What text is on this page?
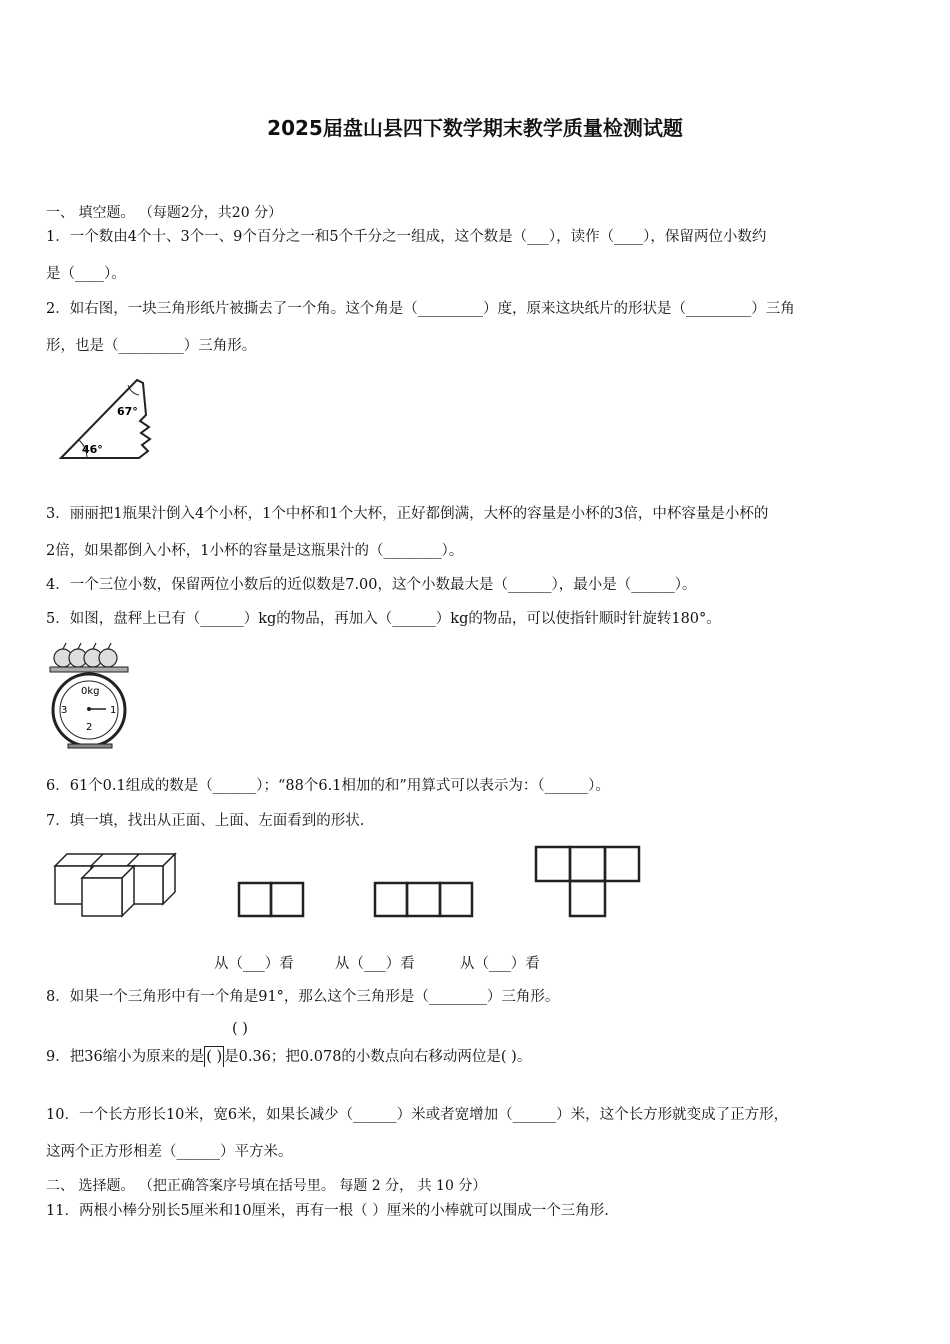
2025届盘山县四下数学期末教学质量检测试题
一、 填空题。 （每题2分，共20 分）
1．一个数由4个十、3个一、9个百分之一和5个千分之一组成，这个数是（___），读作（____），保留两位小数约
是（____）。
2．如右图，一块三角形纸片被撕去了一个角。这个角是（_________）度，原来这块纸片的形状是（_________）三角
形，也是（_________）三角形。
67°
46°
3．丽丽把1瓶果汁倒入4个小杯，1个中杯和1个大杯，正好都倒满，大杯的容量是小杯的3倍，中杯容量是小杯的
2倍，如果都倒入小杯，1小杯的容量是这瓶果汁的（________）。
4．一个三位小数，保留两位小数后的近似数是7.00，这个小数最大是（______），最小是（______）。
5．如图，盘秤上已有（______）kg的物品，再加入（______）kg的物品，可以使指针顺时针旋转180°。
0kg
3	1
2
6．61个0.1组成的数是（______）；“88个6.1相加的和”用算式可以表示为：（______）。
7．填一填，找出从正面、上面、左面看到的形状.
从（___）看	从（___）看	从（___）看
8．如果一个三角形中有一个角是91°，那么这个三角形是（________）三角形。
( )
9．把36缩小为原来的是 ( ) 是0.36；把0.078的小数点向右移动两位是( )。
10．一个长方形长10米，宽6米，如果长减少（______）米或者宽增加（______）米，这个长方形就变成了正方形，
这两个正方形相差（______）平方米。
二、 选择题。 （把正确答案序号填在括号里。 每题 2 分， 共 10 分）
11．两根小棒分别长5厘米和10厘米，再有一根（ ）厘米的小棒就可以围成一个三角形.
